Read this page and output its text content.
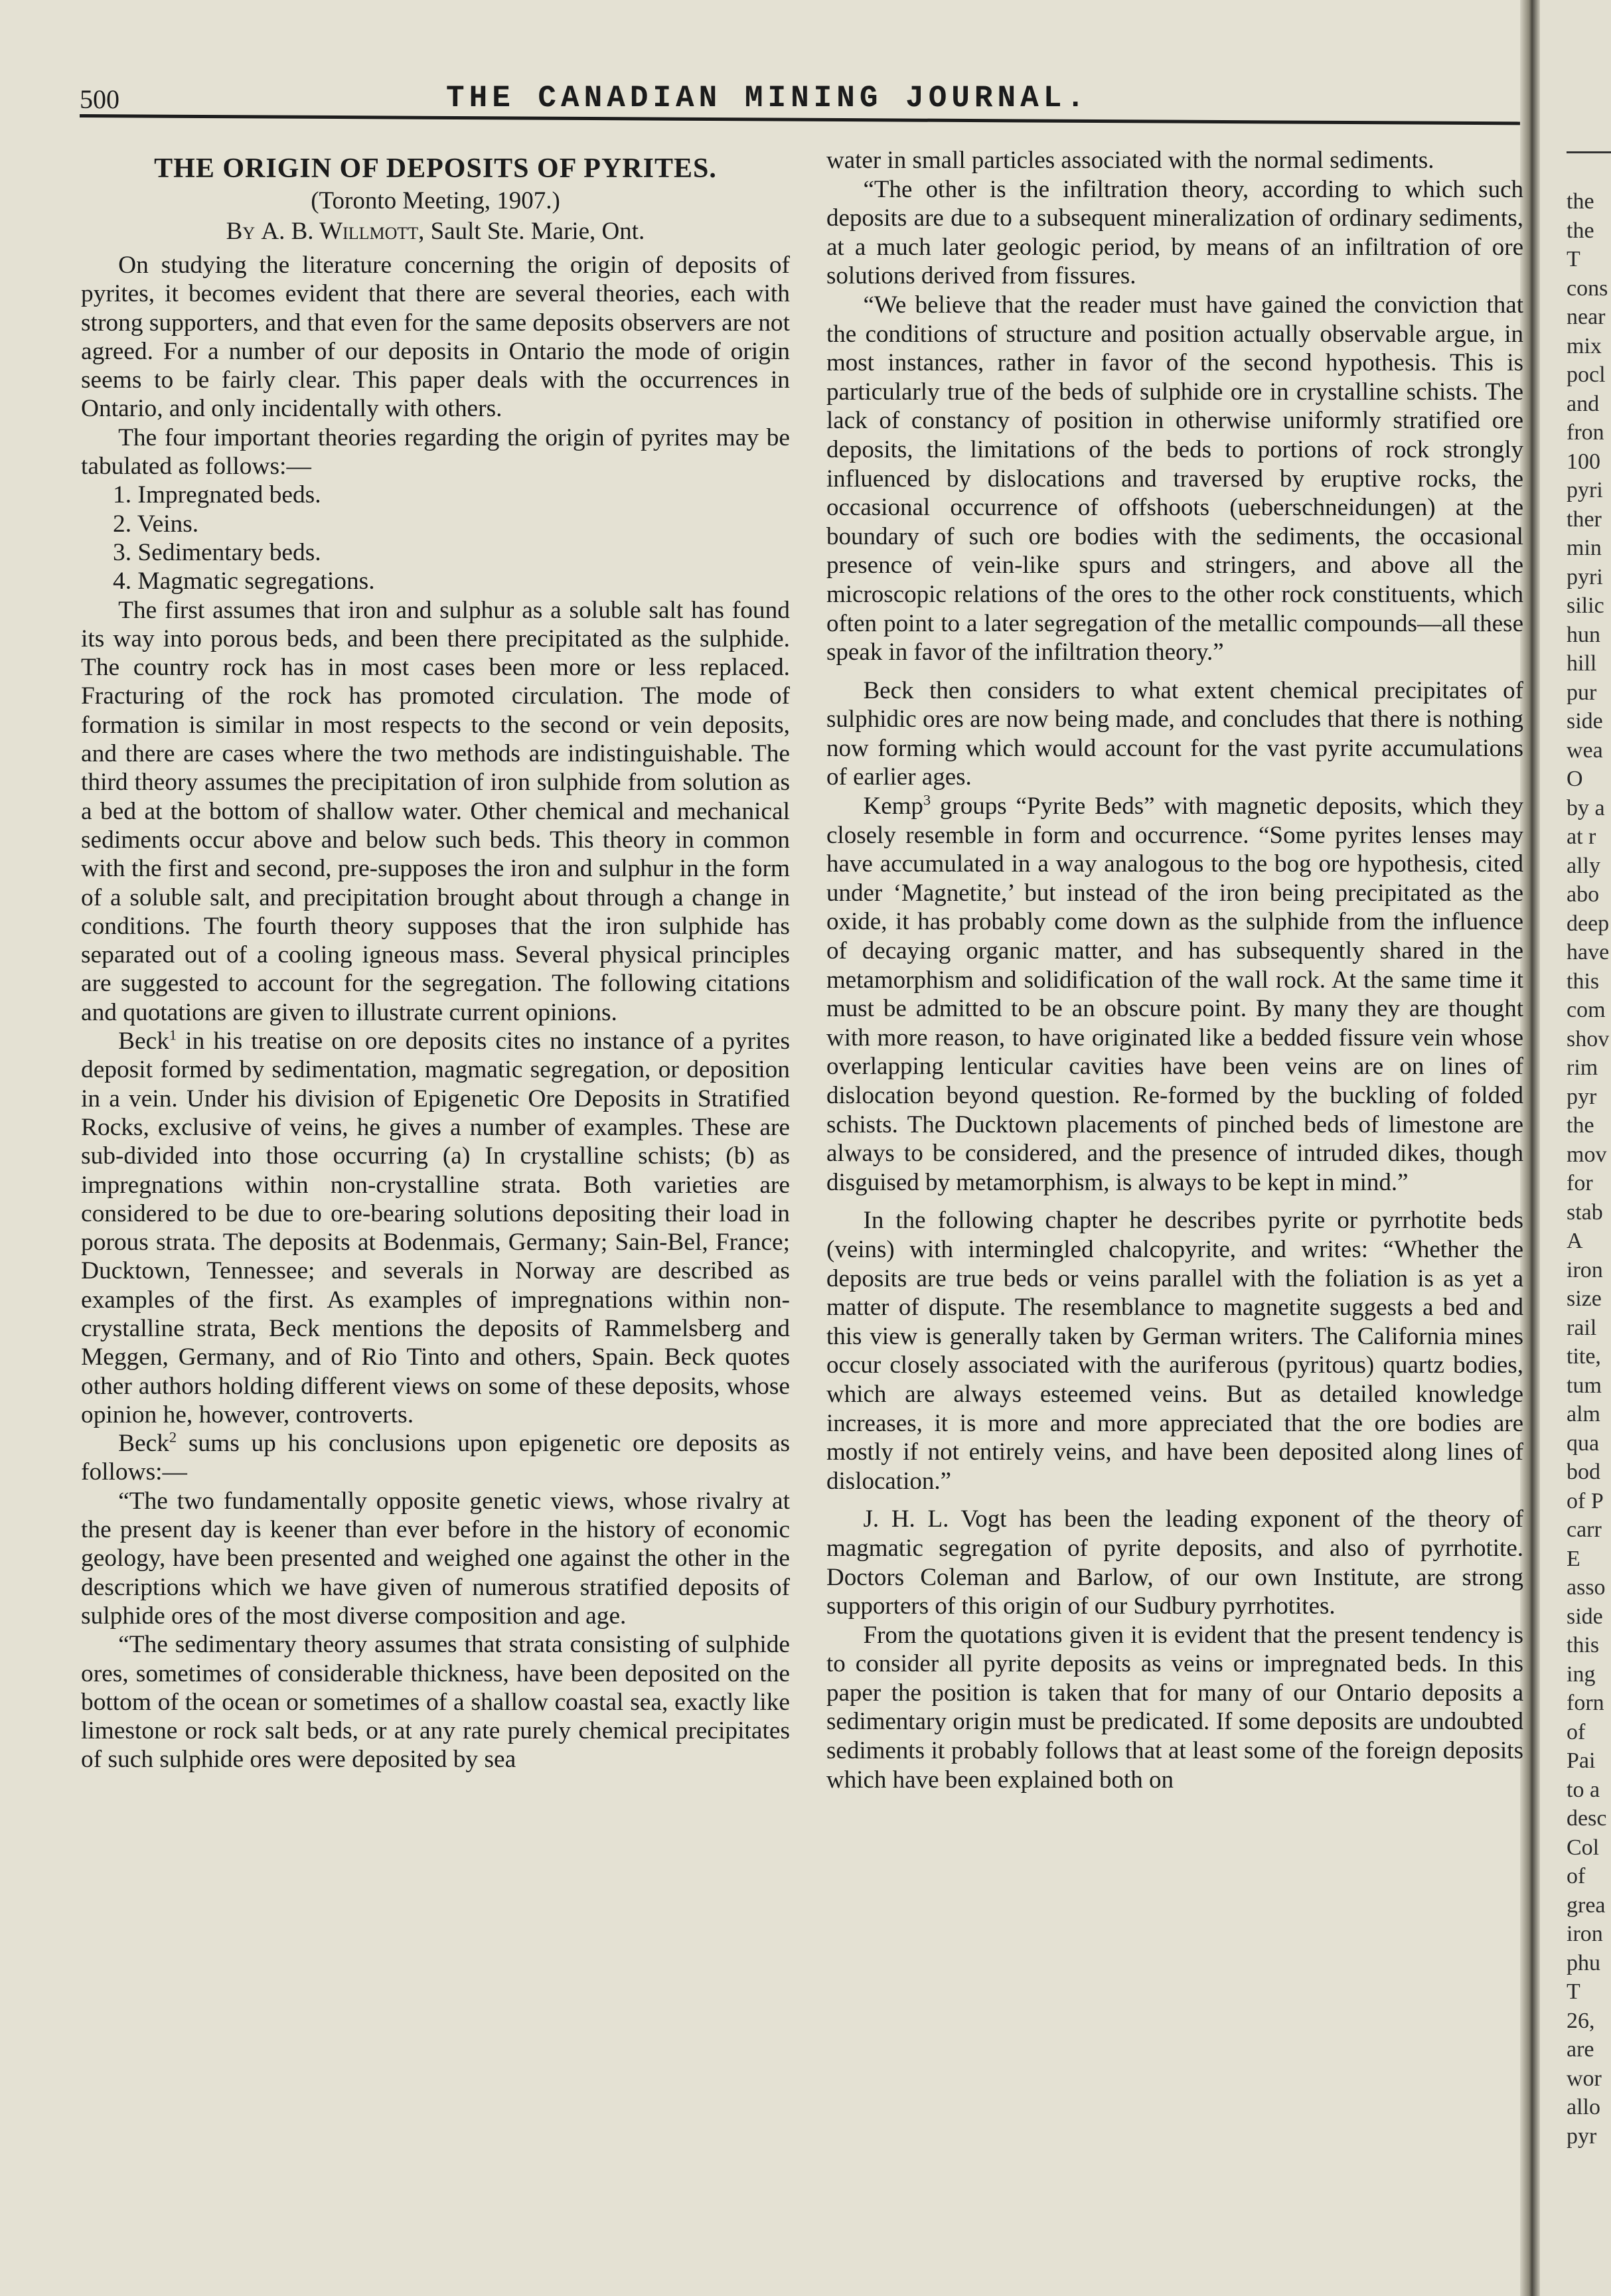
the
the
T
cons
near
mix
pocl
and
fron
100
pyri
ther
min
pyri
silic
hun
hill
pur
side
wea
O
by a
at r
ally
abo
deep
have
this
com
shov
rim
pyr
the
mov
for
stab
A
iron
size
rail
tite,
tum
alm
qua
bod
of P
carr
E
asso
side
this
ing
forn
of
Pai
to a
desc
Col
of
grea
iron
phu
T
26,
are
wor
allo
pyr
500	THE CANADIAN MINING JOURNAL.
THE ORIGIN OF DEPOSITS OF PYRITES.
(Toronto Meeting, 1907.)
By A. B. Willmott, Sault Ste. Marie, Ont.

On studying the literature concerning the origin of deposits of pyrites, it becomes evident that there are several theories, each with strong supporters, and that even for the same deposits observers are not agreed. For a number of our deposits in Ontario the mode of origin seems to be fairly clear. This paper deals with the occurrences in Ontario, and only incidentally with others.

The four important theories regarding the origin of pyrites may be tabulated as follows:—

1. Impregnated beds.
2. Veins.
3. Sedimentary beds.
4. Magmatic segregations.

The first assumes that iron and sulphur as a soluble salt has found its way into porous beds, and been there precipitated as the sulphide. The country rock has in most cases been more or less replaced. Fracturing of the rock has promoted circulation. The mode of formation is similar in most respects to the second or vein deposits, and there are cases where the two methods are indistinguishable. The third theory assumes the precipitation of iron sulphide from solution as a bed at the bottom of shallow water. Other chemical and mechanical sediments occur above and below such beds. This theory in common with the first and second, pre-supposes the iron and sulphur in the form of a soluble salt, and precipitation brought about through a change in conditions. The fourth theory supposes that the iron sulphide has separated out of a cooling igneous mass. Several physical principles are suggested to account for the segregation. The following citations and quotations are given to illustrate current opinions.

Beck$^1$ in his treatise on ore deposits cites no instance of a pyrites deposit formed by sedimentation, magmatic segregation, or deposition in a vein. Under his division of Epigenetic Ore Deposits in Stratified Rocks, exclusive of veins, he gives a number of examples. These are sub-divided into those occurring (a) In crystalline schists; (b) as impregnations within non-crystalline strata. Both varieties are considered to be due to ore-bearing solutions depositing their load in porous strata. The deposits at Bodenmais, Germany; Sain-Bel, France; Ducktown, Tennessee; and severals in Norway are described as examples of the first. As examples of impregnations within non-crystalline strata, Beck mentions the deposits of Rammelsberg and Meggen, Germany, and of Rio Tinto and others, Spain. Beck quotes other authors holding different views on some of these deposits, whose opinion he, however, controverts.

Beck$^2$ sums up his conclusions upon epigenetic ore deposits as follows:—

“The two fundamentally opposite genetic views, whose rivalry at the present day is keener than ever before in the history of economic geology, have been presented and weighed one against the other in the descriptions which we have given of numerous stratified deposits of sulphide ores of the most diverse composition and age.

“The sedimentary theory assumes that strata consisting of sulphide ores, sometimes of considerable thickness, have been deposited on the bottom of the ocean or sometimes of a shallow coastal sea, exactly like limestone or rock salt beds, or at any rate purely chemical precipitates of such sulphide ores were deposited by sea

water in small particles associated with the normal sediments.

“The other is the infiltration theory, according to which such deposits are due to a subsequent mineralization of ordinary sediments, at a much later geologic period, by means of an infiltration of ore solutions derived from fissures.

“We believe that the reader must have gained the conviction that the conditions of structure and position actually observable argue, in most instances, rather in favor of the second hypothesis. This is particularly true of the beds of sulphide ore in crystalline schists. The lack of constancy of position in otherwise uniformly stratified ore deposits, the limitations of the beds to portions of rock strongly influenced by dislocations and traversed by eruptive rocks, the occasional occurrence of offshoots (ueberschneidungen) at the boundary of such ore bodies with the sediments, the occasional presence of vein-like spurs and stringers, and above all the microscopic relations of the ores to the other rock constituents, which often point to a later segregation of the metallic compounds—all these speak in favor of the infiltration theory.”

Beck then considers to what extent chemical precipitates of sulphidic ores are now being made, and concludes that there is nothing now forming which would account for the vast pyrite accumulations of earlier ages.

Kemp$^3$ groups “Pyrite Beds” with magnetic deposits, which they closely resemble in form and occurrence. “Some pyrites lenses may have accumulated in a way analogous to the bog ore hypothesis, cited under ‘Magnetite,’ but instead of the iron being precipitated as the oxide, it has probably come down as the sulphide from the influence of decaying organic matter, and has subsequently shared in the metamorphism and solidification of the wall rock. At the same time it must be admitted to be an obscure point. By many they are thought with more reason, to have originated like a bedded fissure vein whose overlapping lenticular cavities have been veins are on lines of dislocation beyond question. Re-formed by the buckling of folded schists. The Ducktown placements of pinched beds of limestone are always to be considered, and the presence of intruded dikes, though disguised by metamorphism, is always to be kept in mind.”

In the following chapter he describes pyrite or pyrrhotite beds (veins) with intermingled chalcopyrite, and writes: “Whether the deposits are true beds or veins parallel with the foliation is as yet a matter of dispute. The resemblance to magnetite suggests a bed and this view is generally taken by German writers. The California mines occur closely associated with the auriferous (pyritous) quartz bodies, which are always esteemed veins. But as detailed knowledge increases, it is more and more appreciated that the ore bodies are mostly if not entirely veins, and have been deposited along lines of dislocation.”

J. H. L. Vogt has been the leading exponent of the theory of magmatic segregation of pyrite deposits, and also of pyrrhotite. Doctors Coleman and Barlow, of our own Institute, are strong supporters of this origin of our Sudbury pyrrhotites.

From the quotations given it is evident that the present tendency is to consider all pyrite deposits as veins or impregnated beds. In this paper the position is taken that for many of our Ontario deposits a sedimentary origin must be predicated. If some deposits are undoubted sediments it probably follows that at least some of the foreign deposits which have been explained both on
